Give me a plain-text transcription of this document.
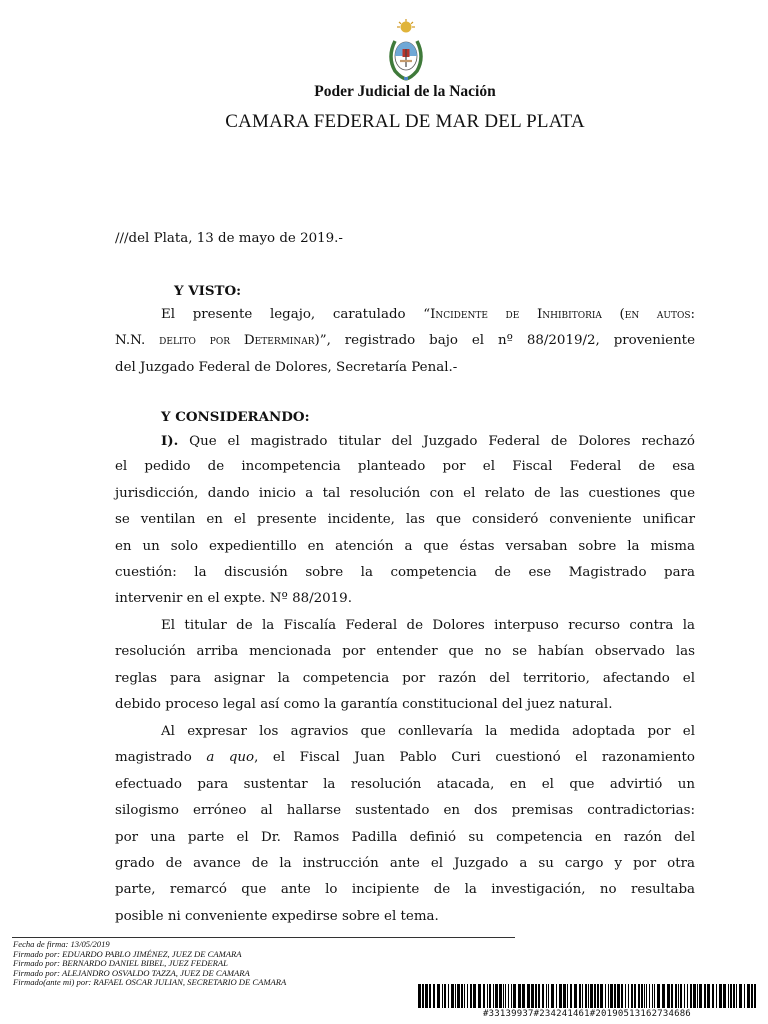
Poder Judicial de la Nación
CAMARA FEDERAL DE MAR DEL PLATA
///del Plata, 13 de mayo de 2019.-
Y VISTO:
El presente legajo, caratulado “Incidente de Inhibitoria (en autos:
N.N. delito por Determinar)”, registrado bajo el nº 88/2019/2, proveniente
del Juzgado Federal de Dolores, Secretaría Penal.-
Y CONSIDERANDO:
I). Que el magistrado titular del Juzgado Federal de Dolores rechazó
el pedido de incompetencia planteado por el Fiscal Federal de esa
jurisdicción, dando inicio a tal resolución con el relato de las cuestiones que
se ventilan en el presente incidente, las que consideró conveniente unificar
en un solo expedientillo en atención a que éstas versaban sobre la misma
cuestión: la discusión sobre la competencia de ese Magistrado para
intervenir en el expte. Nº 88/2019.
El titular de la Fiscalía Federal de Dolores interpuso recurso contra la
resolución arriba mencionada por entender que no se habían observado las
reglas para asignar la competencia por razón del territorio, afectando el
debido proceso legal así como la garantía constitucional del juez natural.
Al expresar los agravios que conllevaría la medida adoptada por el
magistrado a quo, el Fiscal Juan Pablo Curi cuestionó el razonamiento
efectuado para sustentar la resolución atacada, en el que advirtió un
silogismo erróneo al hallarse sustentado en dos premisas contradictorias:
por una parte el Dr. Ramos Padilla definió su competencia en razón del
grado de avance de la instrucción ante el Juzgado a su cargo y por otra
parte, remarcó que ante lo incipiente de la investigación, no resultaba
posible ni conveniente expedirse sobre el tema.
Fecha de firma: 13/05/2019
Firmado por: EDUARDO PABLO JIMÉNEZ, JUEZ DE CAMARA
Firmado por: BERNARDO DANIEL BIBEL, JUEZ FEDERAL
Firmado por: ALEJANDRO OSVALDO TAZZA, JUEZ DE CAMARA
Firmado(ante mi) por: RAFAEL OSCAR JULIAN, SECRETARIO DE CAMARA
#33139937#234241461#20190513162734686
